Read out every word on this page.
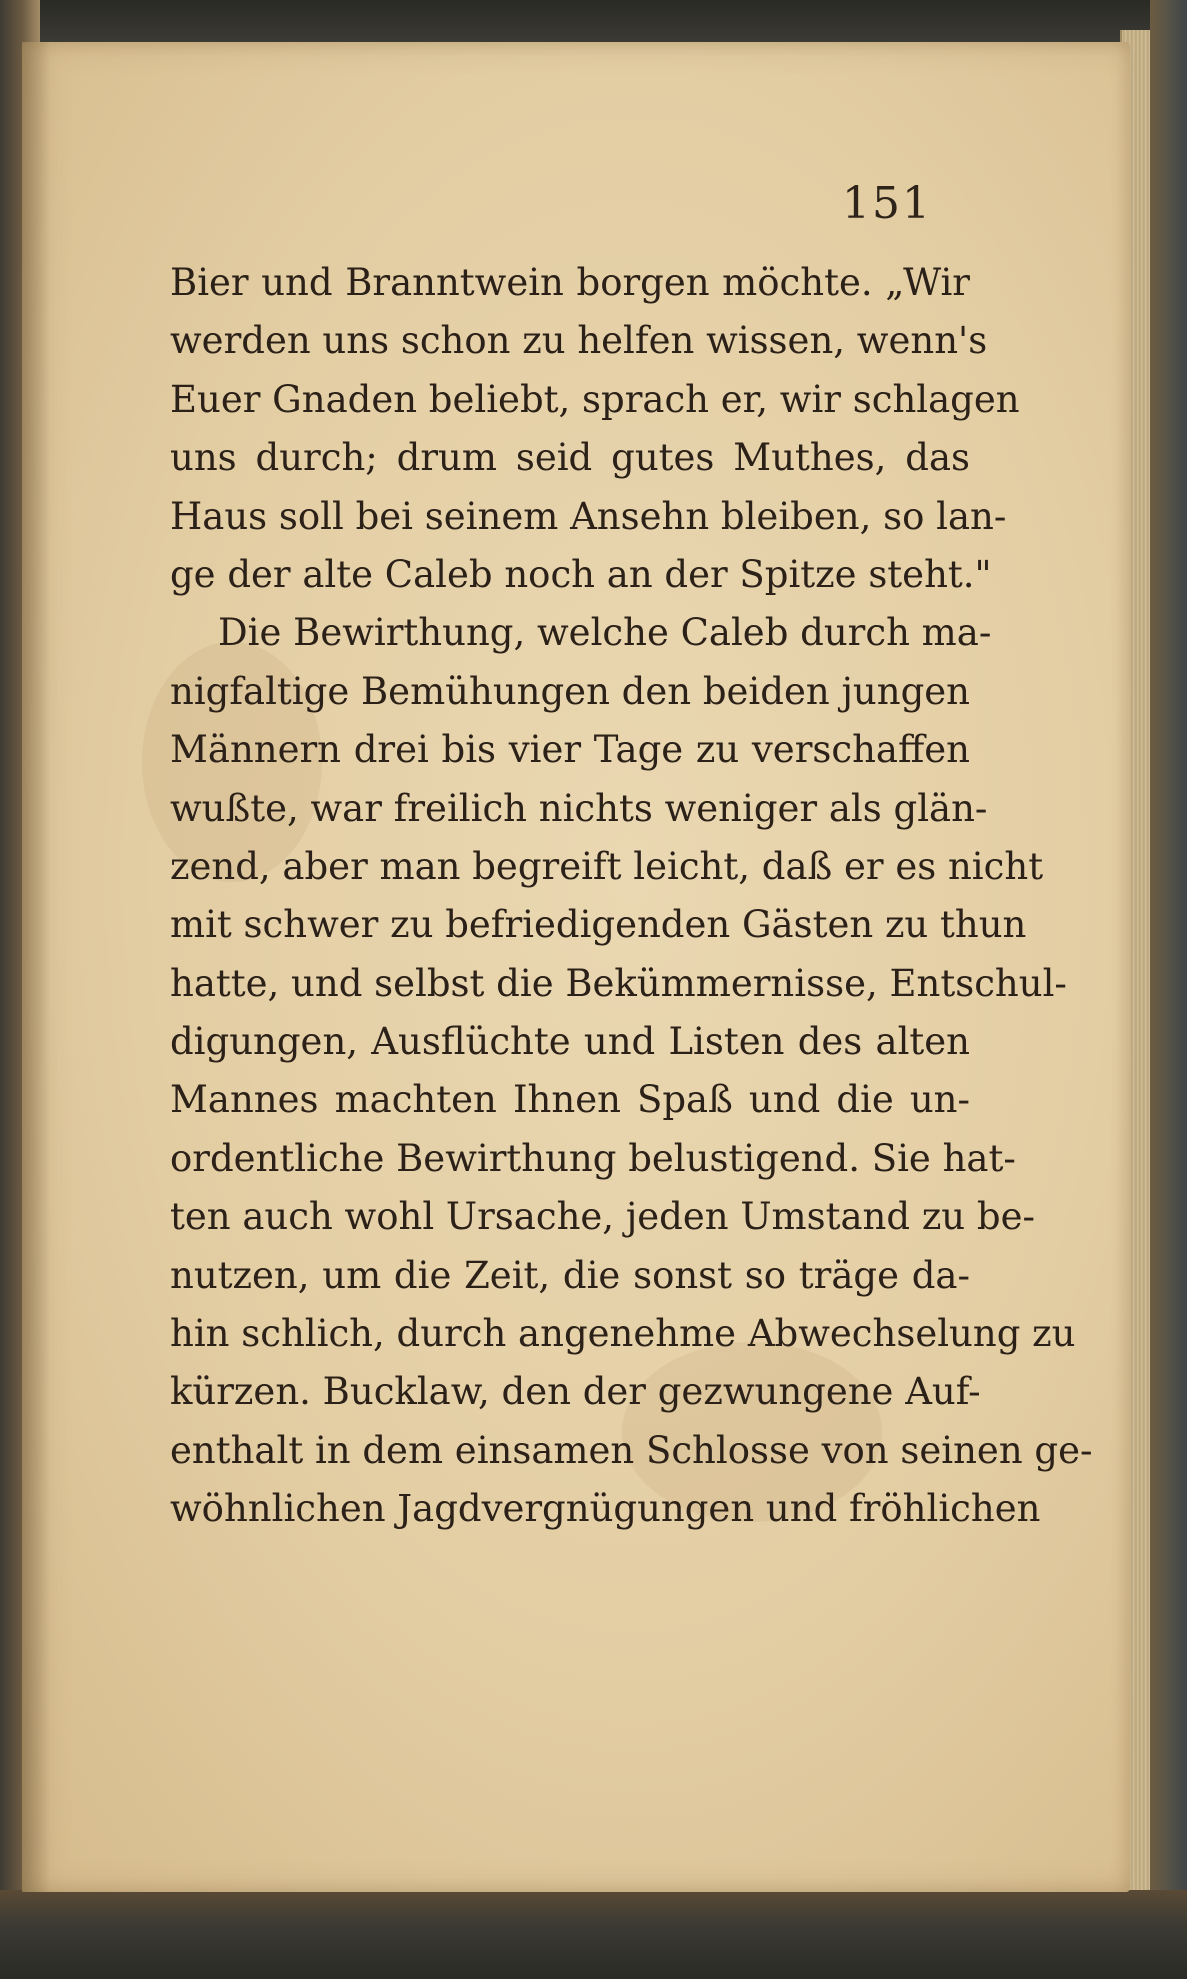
151
Bier und Branntwein borgen möchte. „Wir
werden uns schon zu helfen wissen, wenn's
Euer Gnaden beliebt, sprach er, wir schlagen
uns durch; drum seid gutes Muthes, das
Haus soll bei seinem Ansehn bleiben, so lan-
ge der alte Caleb noch an der Spitze steht."
Die Bewirthung, welche Caleb durch ma-
nigfaltige Bemühungen den beiden jungen
Männern drei bis vier Tage zu verschaffen
wußte, war freilich nichts weniger als glän-
zend, aber man begreift leicht, daß er es nicht
mit schwer zu befriedigenden Gästen zu thun
hatte, und selbst die Bekümmernisse, Entschul-
digungen, Ausflüchte und Listen des alten
Mannes machten Ihnen Spaß und die un-
ordentliche Bewirthung belustigend. Sie hat-
ten auch wohl Ursache, jeden Umstand zu be-
nutzen, um die Zeit, die sonst so träge da-
hin schlich, durch angenehme Abwechselung zu
kürzen. Bucklaw, den der gezwungene Auf-
enthalt in dem einsamen Schlosse von seinen ge-
wöhnlichen Jagdvergnügungen und fröhlichen
